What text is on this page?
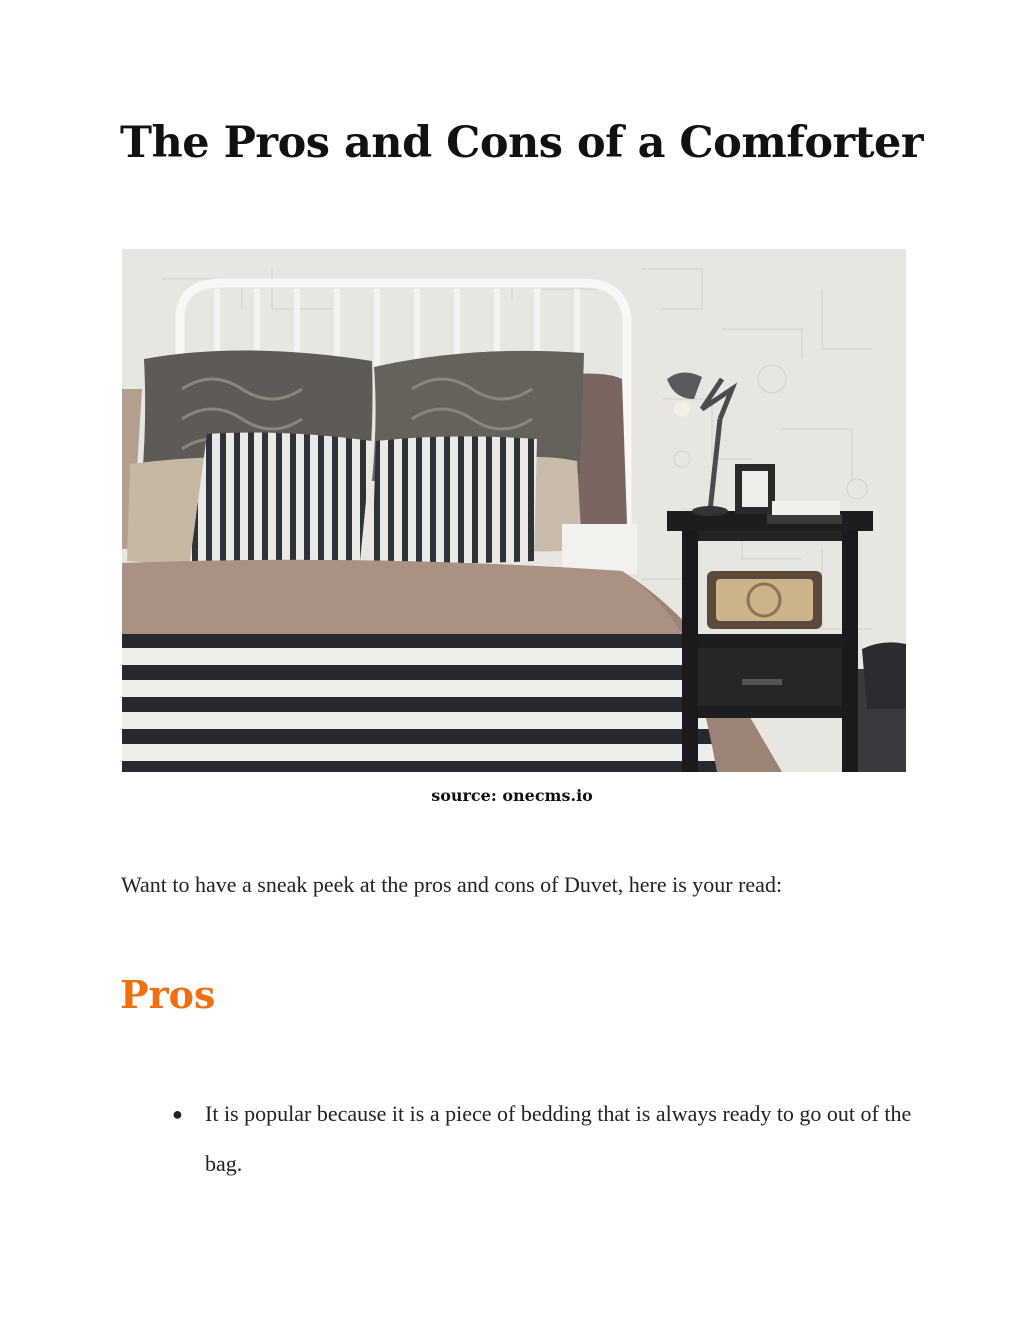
The Pros and Cons of a Comforter
source: onecms.io

Want to have a sneak peek at the pros and cons of Duvet, here is your read:

Pros
● It is popular because it is a piece of bedding that is always ready to go out of the bag.
